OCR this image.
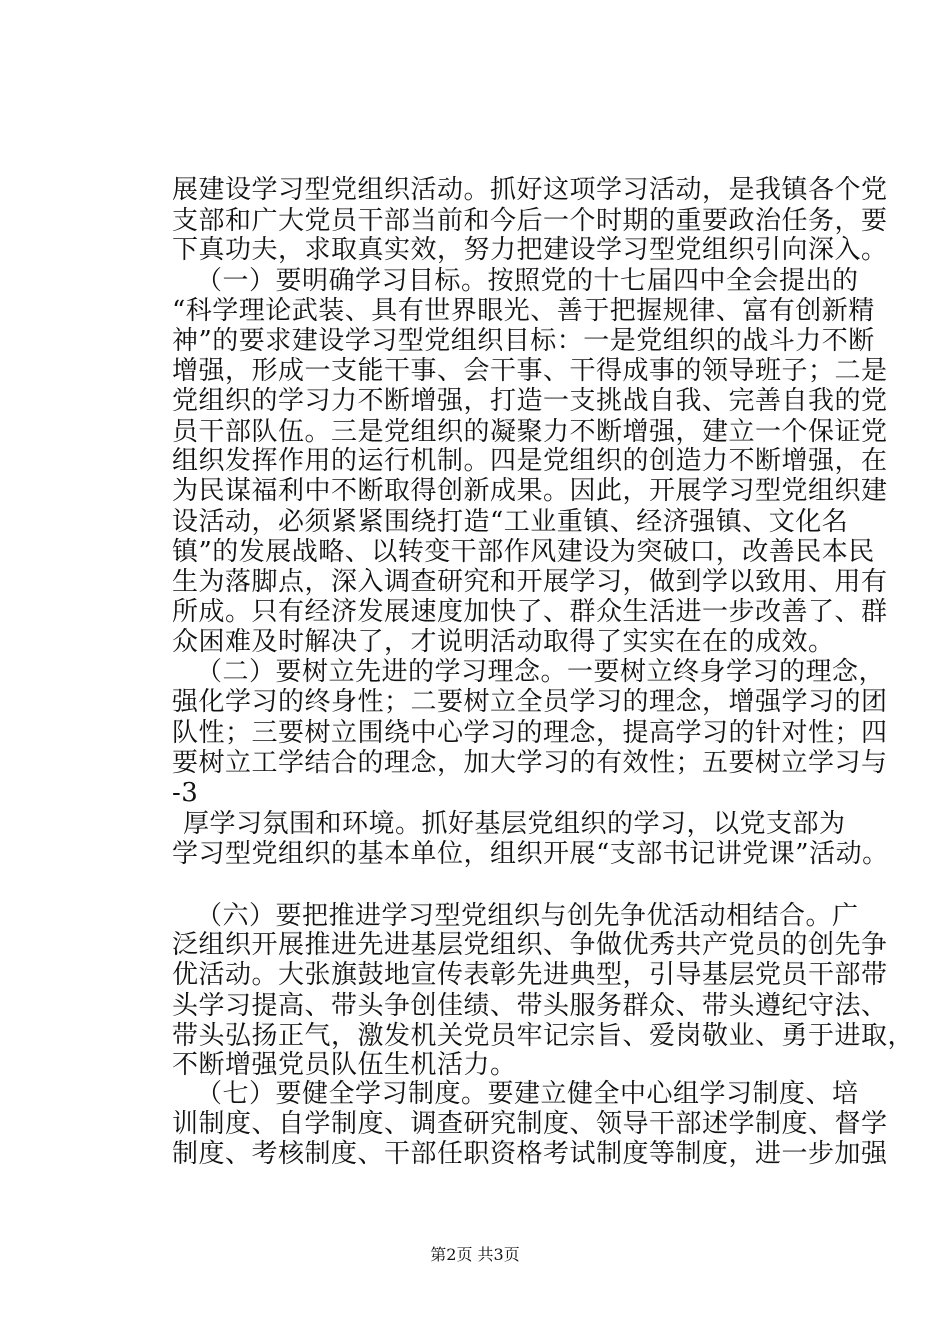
展建设学习型党组织活动。抓好这项学习活动，是我镇各个党
支部和广大党员干部当前和今后一个时期的重要政治任务，要
下真功夫，求取真实效，努力把建设学习型党组织引向深入。
（一）要明确学习目标。按照党的十七届四中全会提出的
“科学理论武装、具有世界眼光、善于把握规律、富有创新精
神”的要求建设学习型党组织目标：一是党组织的战斗力不断
增强，形成一支能干事、会干事、干得成事的领导班子；二是
党组织的学习力不断增强，打造一支挑战自我、完善自我的党
员干部队伍。三是党组织的凝聚力不断增强，建立一个保证党
组织发挥作用的运行机制。四是党组织的创造力不断增强，在
为民谋福利中不断取得创新成果。因此，开展学习型党组织建
设活动，必须紧紧围绕打造“工业重镇、经济强镇、文化名
镇”的发展战略、以转变干部作风建设为突破口，改善民本民
生为落脚点，深入调查研究和开展学习，做到学以致用、用有
所成。只有经济发展速度加快了、群众生活进一步改善了、群
众困难及时解决了，才说明活动取得了实实在在的成效。
（二）要树立先进的学习理念。一要树立终身学习的理念，
强化学习的终身性；二要树立全员学习的理念，增强学习的团
队性；三要树立围绕中心学习的理念，提高学习的针对性；四
要树立工学结合的理念，加大学习的有效性；五要树立学习与
-3
厚学习氛围和环境。抓好基层党组织的学习，以党支部为
学习型党组织的基本单位，组织开展“支部书记讲党课”活动。
（六）要把推进学习型党组织与创先争优活动相结合。广
泛组织开展推进先进基层党组织、争做优秀共产党员的创先争
优活动。大张旗鼓地宣传表彰先进典型，引导基层党员干部带
头学习提高、带头争创佳绩、带头服务群众、带头遵纪守法、
带头弘扬正气，激发机关党员牢记宗旨、爱岗敬业、勇于进取，
不断增强党员队伍生机活力。
（七）要健全学习制度。要建立健全中心组学习制度、培
训制度、自学制度、调查研究制度、领导干部述学制度、督学
制度、考核制度、干部任职资格考试制度等制度，进一步加强
第2页 共3页
